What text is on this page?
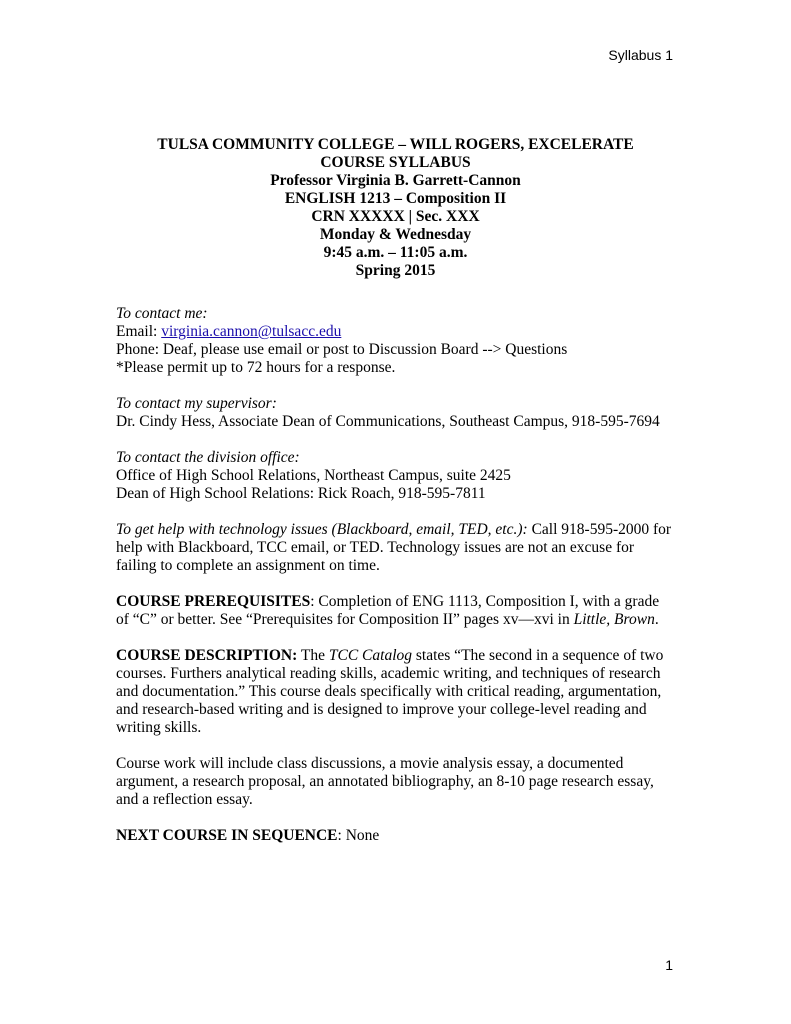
Syllabus 1
TULSA COMMUNITY COLLEGE – WILL ROGERS, EXCELERATE
COURSE SYLLABUS
Professor Virginia B. Garrett-Cannon
ENGLISH 1213 – Composition II
CRN XXXXX | Sec. XXX
Monday & Wednesday
9:45 a.m. – 11:05 a.m.
Spring 2015

To contact me:
Email: virginia.cannon@tulsacc.edu
Phone: Deaf, please use email or post to Discussion Board --> Questions
*Please permit up to 72 hours for a response.

To contact my supervisor:
Dr. Cindy Hess, Associate Dean of Communications, Southeast Campus, 918-595-7694

To contact the division office:
Office of High School Relations, Northeast Campus, suite 2425
Dean of High School Relations: Rick Roach, 918-595-7811

To get help with technology issues (Blackboard, email, TED, etc.): Call 918-595-2000 for
help with Blackboard, TCC email, or TED. Technology issues are not an excuse for
failing to complete an assignment on time.

COURSE PREREQUISITES: Completion of ENG 1113, Composition I, with a grade
of “C” or better. See “Prerequisites for Composition II” pages xv—xvi in Little, Brown.

COURSE DESCRIPTION: The TCC Catalog states “The second in a sequence of two
courses. Furthers analytical reading skills, academic writing, and techniques of research
and documentation.” This course deals specifically with critical reading, argumentation,
and research-based writing and is designed to improve your college-level reading and
writing skills.

Course work will include class discussions, a movie analysis essay, a documented
argument, a research proposal, an annotated bibliography, an 8-10 page research essay,
and a reflection essay.

NEXT COURSE IN SEQUENCE: None

1
